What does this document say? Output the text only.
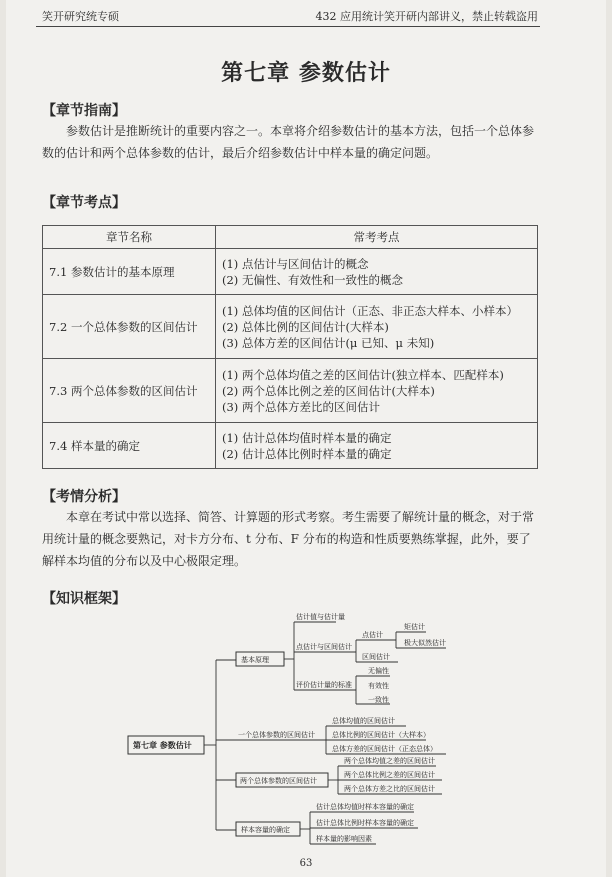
笑开研究统专硕	432 应用统计笑开研内部讲义，禁止转载盗用
第七章 参数估计
【章节指南】
参数估计是推断统计的重要内容之一。本章将介绍参数估计的基本方法，包括一个总体参数的估计和两个总体参数的估计，最后介绍参数估计中样本量的确定问题。
【章节考点】
章节名称	常考考点
7.1 参数估计的基本原理	(1) 点估计与区间估计的概念
(2) 无偏性、有效性和一致性的概念

7.2 一个总体参数的区间估计	(1) 总体均值的区间估计（正态、非正态大样本、小样本）
(2) 总体比例的区间估计(大样本)
(3) 总体方差的区间估计(μ 已知、μ 未知)

7.3 两个总体参数的区间估计	(1) 两个总体均值之差的区间估计(独立样本、匹配样本)
(2) 两个总体比例之差的区间估计(大样本)
(3) 两个总体方差比的区间估计

7.4 样本量的确定	(1) 估计总体均值时样本量的确定
(2) 估计总体比例时样本量的确定
【考情分析】
本章在考试中常以选择、简答、计算题的形式考察。考生需要了解统计量的概念，对于常用统计量的概念要熟记，对卡方分布、t 分布、F 分布的构造和性质要熟练掌握，此外，要了解样本均值的分布以及中心极限定理。
【知识框架】
第七章 参数估计
基本原理
估计值与估计量
点估计与区间估计
评价估计量的标准
点估计
区间估计
矩估计
极大似然估计
无偏性
有效性
一致性
一个总体参数的区间估计
总体均值的区间估计
总体比例的区间估计（大样本）
总体方差的区间估计（正态总体）
两个总体参数的区间估计
两个总体均值之差的区间估计
两个总体比例之差的区间估计
两个总体方差之比的区间估计
样本容量的确定
估计总体均值时样本容量的确定
估计总体比例时样本容量的确定
样本量的影响因素
63
